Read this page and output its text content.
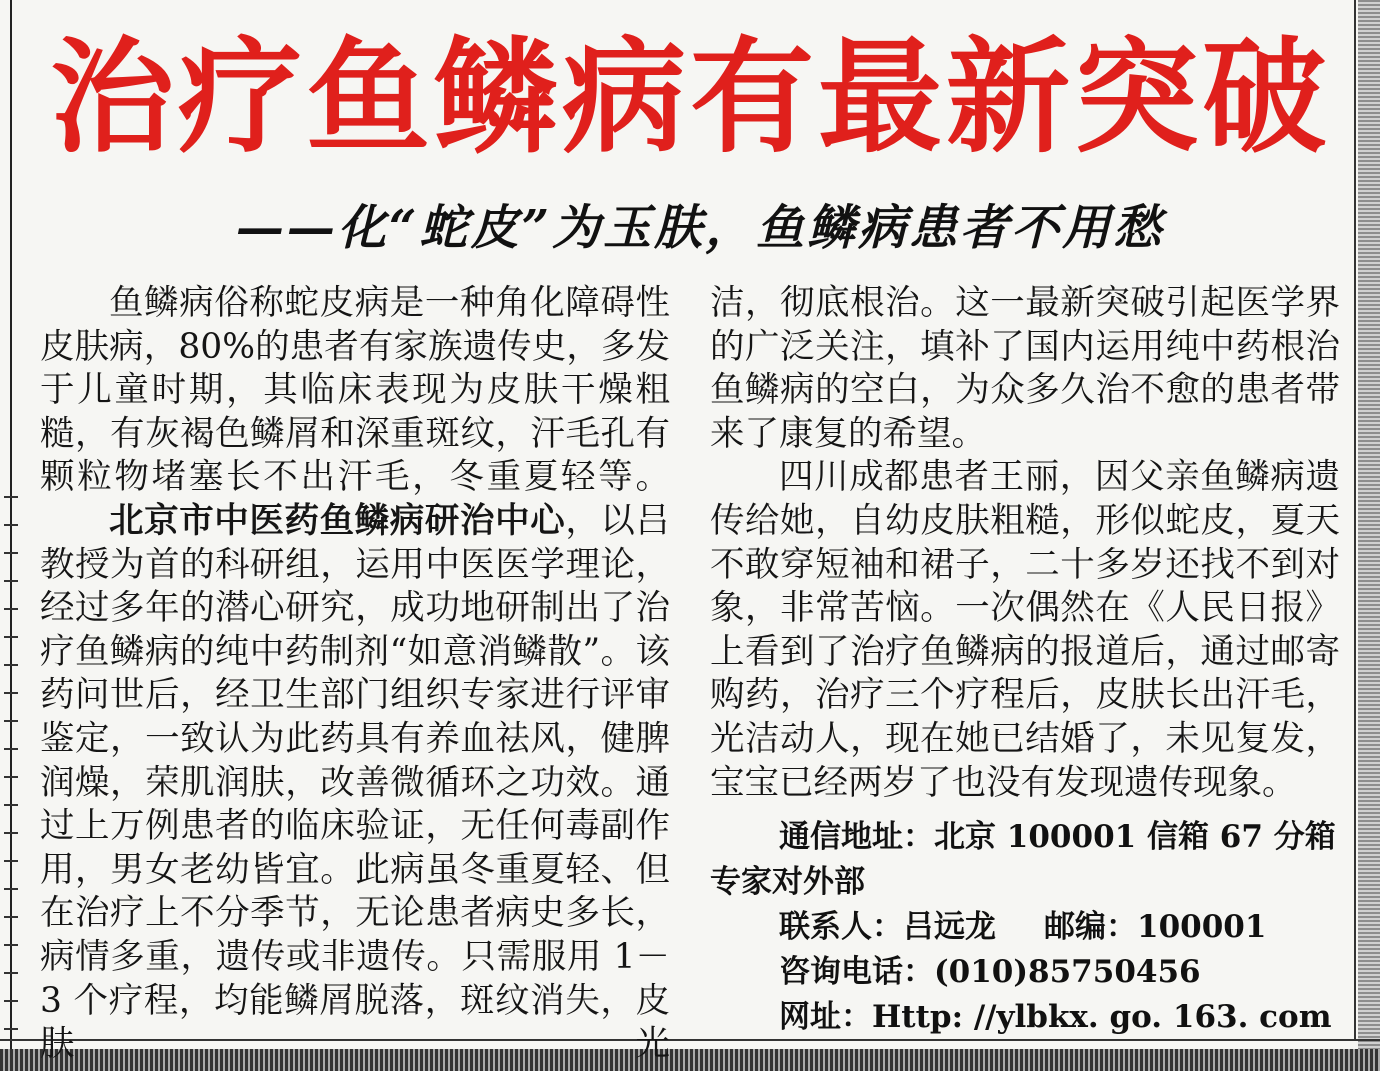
治疗鱼鳞病有最新突破
——化“蛇皮”为玉肤，鱼鳞病患者不用愁

鱼鳞病俗称蛇皮病是一种角化障碍性皮肤病，80%的患者有家族遗传史，多发于儿童时期，其临床表现为皮肤干燥粗糙，有灰褐色鳞屑和深重斑纹，汗毛孔有颗粒物堵塞长不出汗毛，冬重夏轻等。

北京市中医药鱼鳞病研治中心，以吕教授为首的科研组，运用中医医学理论，经过多年的潜心研究，成功地研制出了治疗鱼鳞病的纯中药制剂“如意消鳞散”。该药问世后，经卫生部门组织专家进行评审鉴定，一致认为此药具有养血祛风，健脾润燥，荣肌润肤，改善微循环之功效。通过上万例患者的临床验证，无任何毒副作用，男女老幼皆宜。此病虽冬重夏轻、但在治疗上不分季节，无论患者病史多长，病情多重，遗传或非遗传。只需服用 1－3 个疗程，均能鳞屑脱落，斑纹消失，皮肤光

洁，彻底根治。这一最新突破引起医学界的广泛关注，填补了国内运用纯中药根治鱼鳞病的空白，为众多久治不愈的患者带来了康复的希望。

四川成都患者王丽，因父亲鱼鳞病遗传给她，自幼皮肤粗糙，形似蛇皮，夏天不敢穿短袖和裙子，二十多岁还找不到对象，非常苦恼。一次偶然在《人民日报》上看到了治疗鱼鳞病的报道后，通过邮寄购药，治疗三个疗程后，皮肤长出汗毛，光洁动人，现在她已结婚了，未见复发，宝宝已经两岁了也没有发现遗传现象。

通信地址：北京 100001 信箱 67 分箱
专家对外部
联系人：吕远龙 邮编：100001
咨询电话：(010)85750456
网址：Http: //ylbkx. go. 163. com
